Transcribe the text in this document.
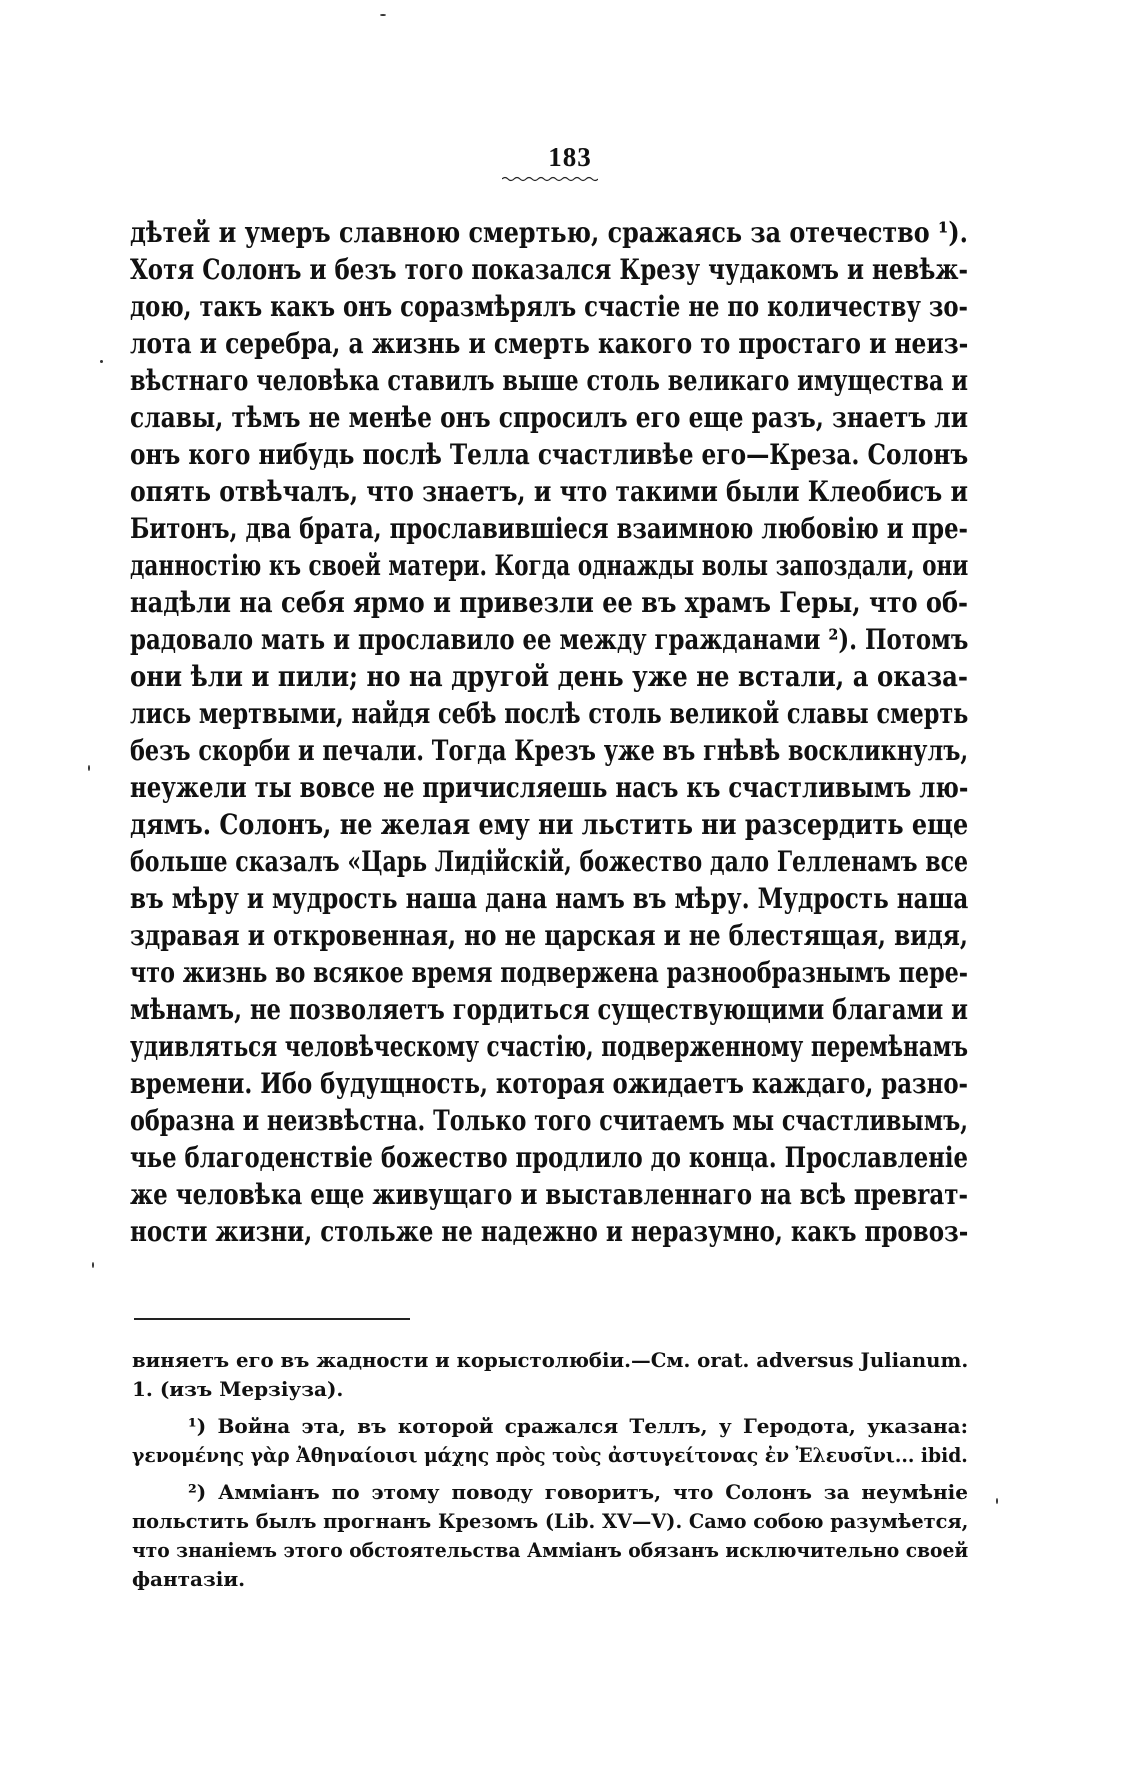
183
дѣтей и умеръ славною смертью, сражаясь за отечество ¹).
Хотя Солонъ и безъ того показался Крезу чудакомъ и невѣж-
дою, такъ какъ онъ соразмѣрялъ счастіе не по количеству зо-
лота и серебра, а жизнь и смерть какого то простаго и неиз-
вѣстнаго человѣка ставилъ выше столь великаго имущества и
славы, тѣмъ не менѣе онъ спросилъ его еще разъ, знаетъ ли
онъ кого нибудь послѣ Телла счастливѣе его—Креза. Солонъ
опять отвѣчалъ, что знаетъ, и что такими были Клеобисъ и
Битонъ, два брата, прославившіеся взаимною любовію и пре-
данностію къ своей матери. Когда однажды волы запоздали, они
надѣли на себя ярмо и привезли ее въ храмъ Геры, что об-
радовало мать и прославило ее между гражданами ²). Потомъ
они ѣли и пили; но на другой день уже не встали, а оказа-
лись мертвыми, найдя себѣ послѣ столь великой славы смерть
безъ скорби и печали. Тогда Крезъ уже въ гнѣвѣ воскликнулъ,
неужели ты вовсе не причисляешь насъ къ счастливымъ лю-
дямъ. Солонъ, не желая ему ни льстить ни разсердить еще
больше сказалъ «Царь Лидійскій, божество дало Гелленамъ все
въ мѣру и мудрость наша дана намъ въ мѣру. Мудрость наша
здравая и откровенная, но не царская и не блестящая, видя,
что жизнь во всякое время подвержена разнообразнымъ пере-
мѣнамъ, не позволяетъ гордиться существующими благами и
удивляться человѣческому счастію, подверженному перемѣнамъ
времени. Ибо будущность, которая ожидаетъ каждаго, разно-
образна и неизвѣстна. Только того считаемъ мы счастливымъ,
чье благоденствіе божество продлило до конца. Прославленіе
же человѣка еще живущаго и выставленнаго на всѣ превrат-
ности жизни, стольже не надежно и неразумно, какъ провоз-
виняетъ его въ жадности и корыстолюбіи.—См. orat. adversus Julianum.
1. (изъ Мерзіуза).
¹) Война эта, въ которой сражался Теллъ, у Геродота, указана:
γενομένης γὰρ Ἀθηναίοισι μάχης πρὸς τοὺς ἀστυγείτονας ἐν Ἐλευσῖνι... ibid.
²) Амміанъ по этому поводу говоритъ, что Солонъ за неумѣніе
польстить былъ прогнанъ Крезомъ (Lib. XV—V). Само собою разумѣется,
что знаніемъ этого обстоятельства Амміанъ обязанъ исключительно своей
фантазіи.
